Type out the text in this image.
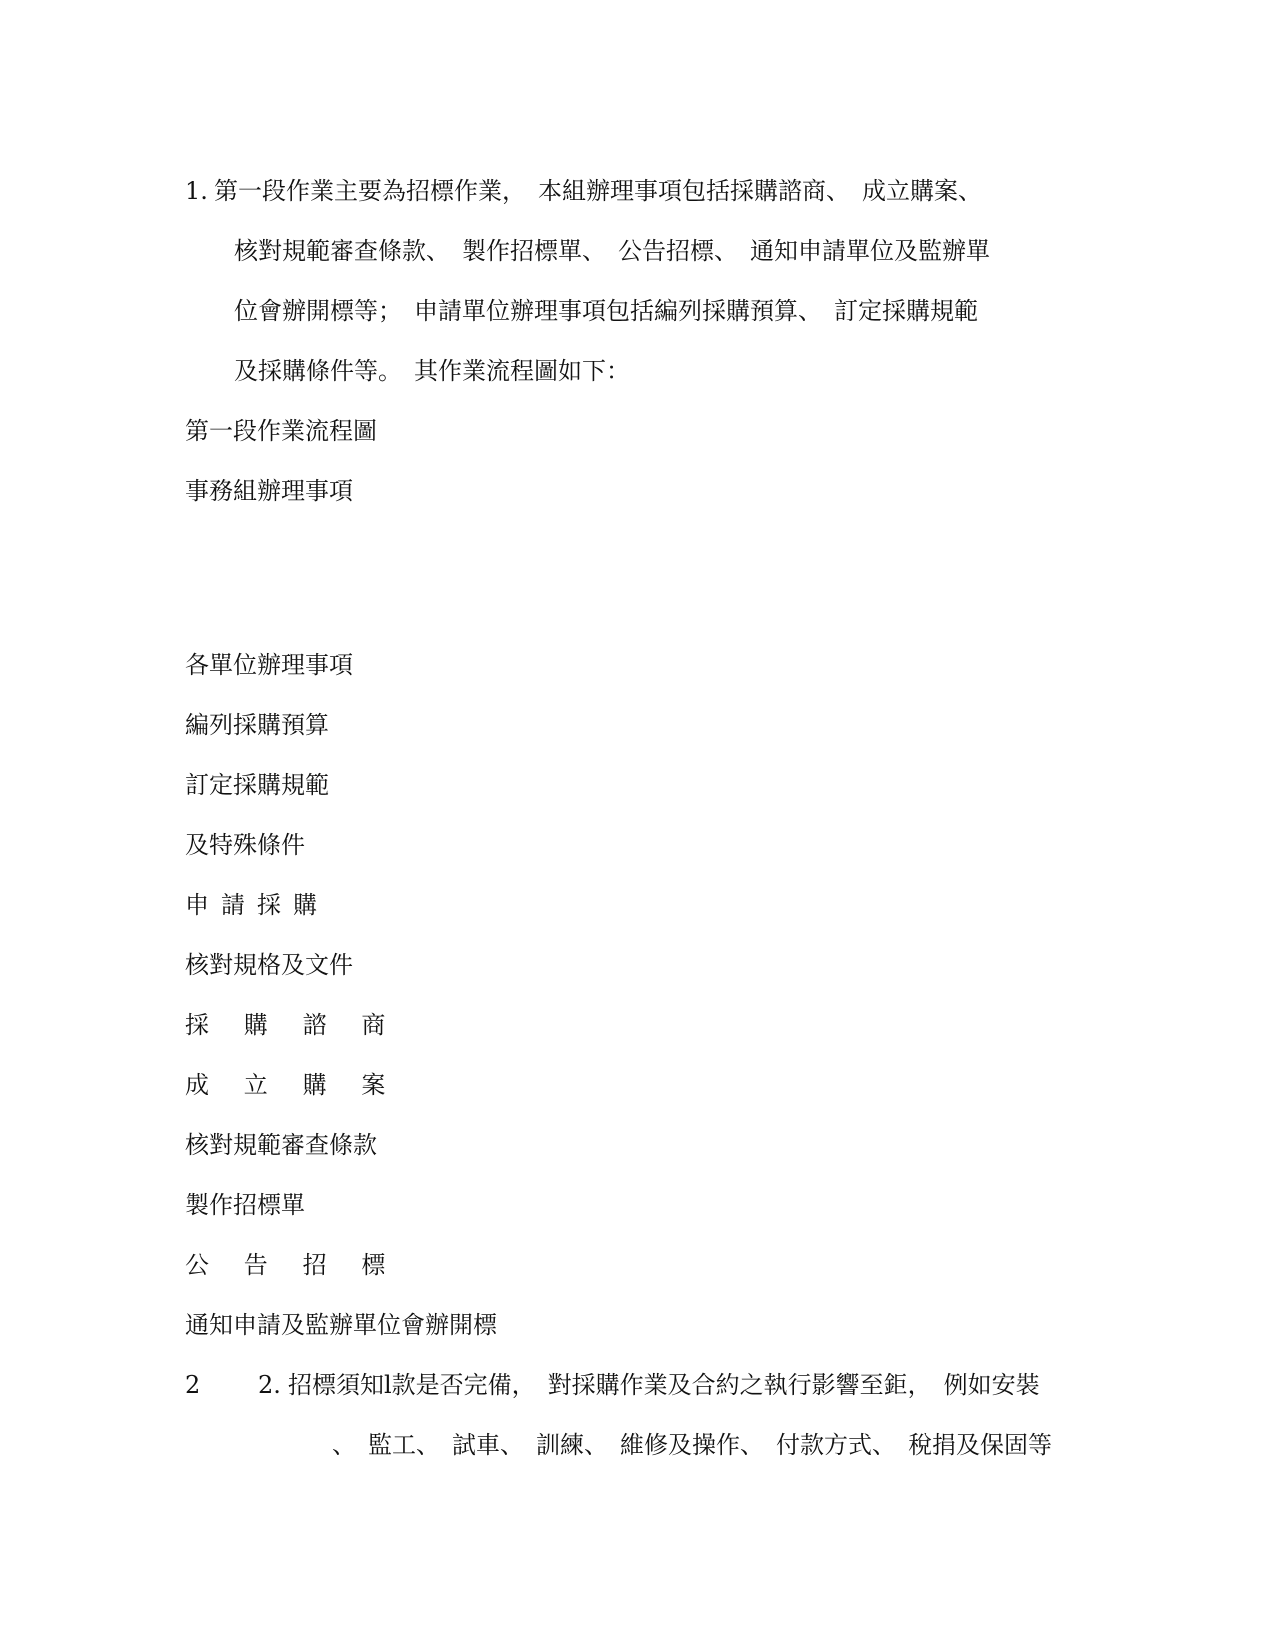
1. 第一段作業主要為招標作業，　本組辦理事項包括採購諮商、　成立購案、
核對規範審查條款、　製作招標單、　公告招標、　通知申請單位及監辦單
位會辦開標等；　申請單位辦理事項包括編列採購預算、　訂定採購規範
及採購條件等。　其作業流程圖如下：
第一段作業流程圖
事務組辦理事項
各單位辦理事項
編列採購預算
訂定採購規範
及特殊條件
申請採購
核對規格及文件
採購諮商
成立購案
核對規範審查條款
製作招標單
公告招標
通知申請及監辦單位會辦開標
2 2. 招標須知l款是否完備，　對採購作業及合約之執行影響至鉅，　例如安裝
、　監工、　試車、　訓練、　維修及操作、　付款方式、　稅捐及保固等
